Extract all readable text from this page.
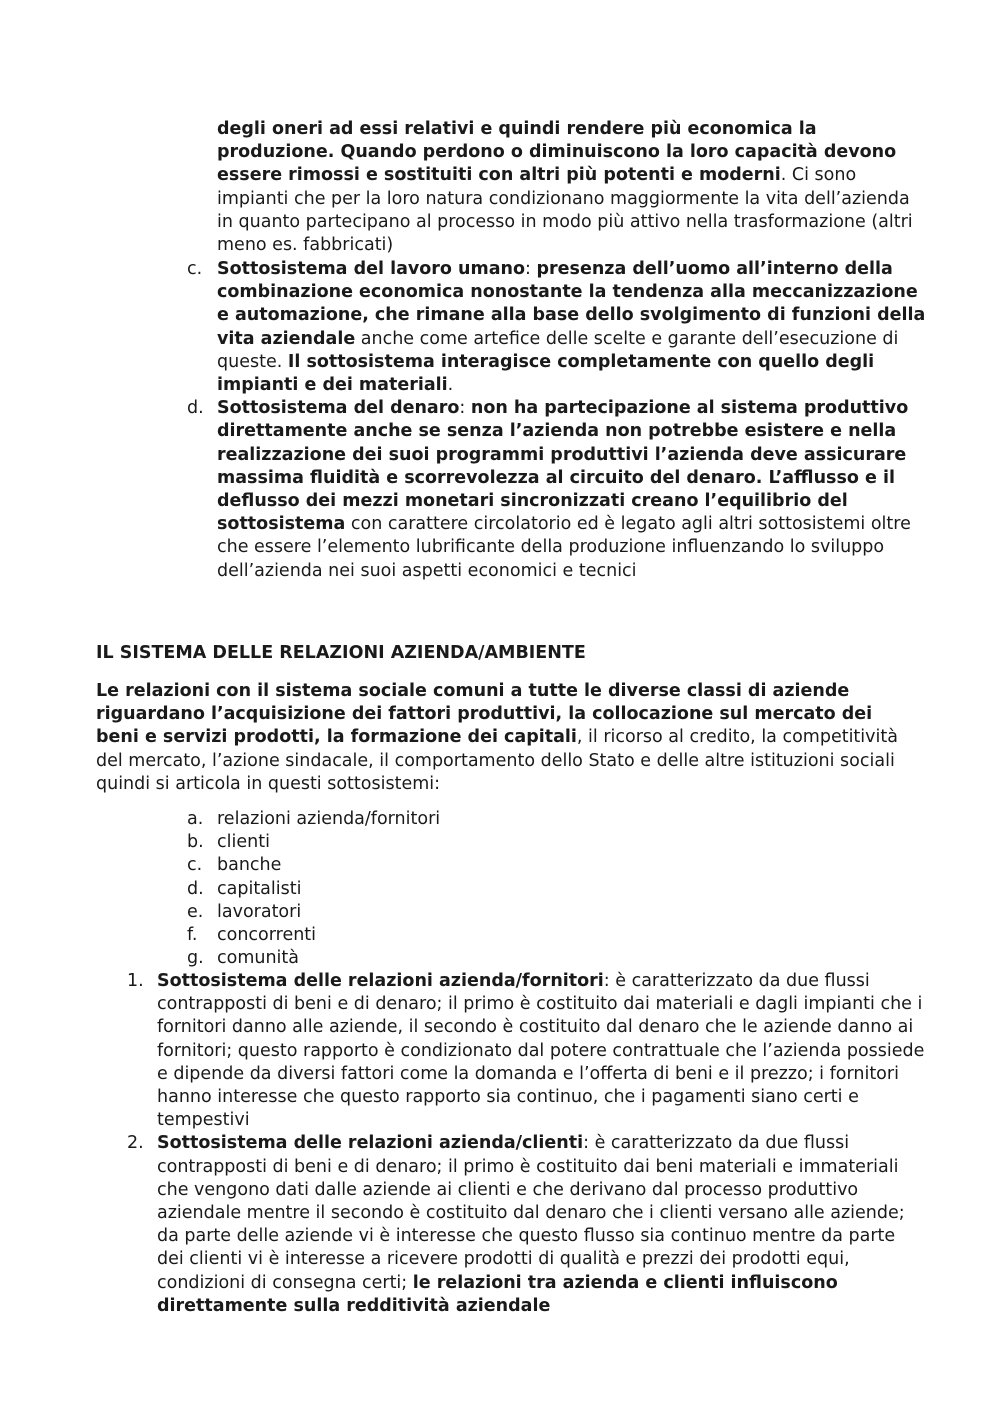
degli oneri ad essi relativi e quindi rendere più economica la produzione. Quando perdono o diminuiscono la loro capacità devono essere rimossi e sostituiti con altri più potenti e moderni. Ci sono impianti che per la loro natura condizionano maggiormente la vita dell’azienda in quanto partecipano al processo in modo più attivo nella trasformazione (altri meno es. fabbricati)

c. Sottosistema del lavoro umano: presenza dell’uomo all’interno della combinazione economica nonostante la tendenza alla meccanizzazione e automazione, che rimane alla base dello svolgimento di funzioni della vita aziendale anche come artefice delle scelte e garante dell’esecuzione di queste. Il sottosistema interagisce completamente con quello degli impianti e dei materiali.

d. Sottosistema del denaro: non ha partecipazione al sistema produttivo direttamente anche se senza l’azienda non potrebbe esistere e nella realizzazione dei suoi programmi produttivi l’azienda deve assicurare massima fluidità e scorrevolezza al circuito del denaro. L’afflusso e il deflusso dei mezzi monetari sincronizzati creano l’equilibrio del sottosistema con carattere circolatorio ed è legato agli altri sottosistemi oltre che essere l’elemento lubrificante della produzione influenzando lo sviluppo dell’azienda nei suoi aspetti economici e tecnici

IL SISTEMA DELLE RELAZIONI AZIENDA/AMBIENTE

Le relazioni con il sistema sociale comuni a tutte le diverse classi di aziende riguardano l’acquisizione dei fattori produttivi, la collocazione sul mercato dei beni e servizi prodotti, la formazione dei capitali, il ricorso al credito, la competitività del mercato, l’azione sindacale, il comportamento dello Stato e delle altre istituzioni sociali quindi si articola in questi sottosistemi:

a. relazioni azienda/fornitori
b. clienti
c. banche
d. capitalisti
e. lavoratori
f. concorrenti
g. comunità
1. Sottosistema delle relazioni azienda/fornitori: è caratterizzato da due flussi contrapposti di beni e di denaro; il primo è costituito dai materiali e dagli impianti che i fornitori danno alle aziende, il secondo è costituito dal denaro che le aziende danno ai fornitori; questo rapporto è condizionato dal potere contrattuale che l’azienda possiede e dipende da diversi fattori come la domanda e l’offerta di beni e il prezzo; i fornitori hanno interesse che questo rapporto sia continuo, che i pagamenti siano certi e tempestivi

2. Sottosistema delle relazioni azienda/clienti: è caratterizzato da due flussi contrapposti di beni e di denaro; il primo è costituito dai beni materiali e immateriali che vengono dati dalle aziende ai clienti e che derivano dal processo produttivo aziendale mentre il secondo è costituito dal denaro che i clienti versano alle aziende; da parte delle aziende vi è interesse che questo flusso sia continuo mentre da parte dei clienti vi è interesse a ricevere prodotti di qualità e prezzi dei prodotti equi, condizioni di consegna certi; le relazioni tra azienda e clienti influiscono direttamente sulla redditività aziendale
